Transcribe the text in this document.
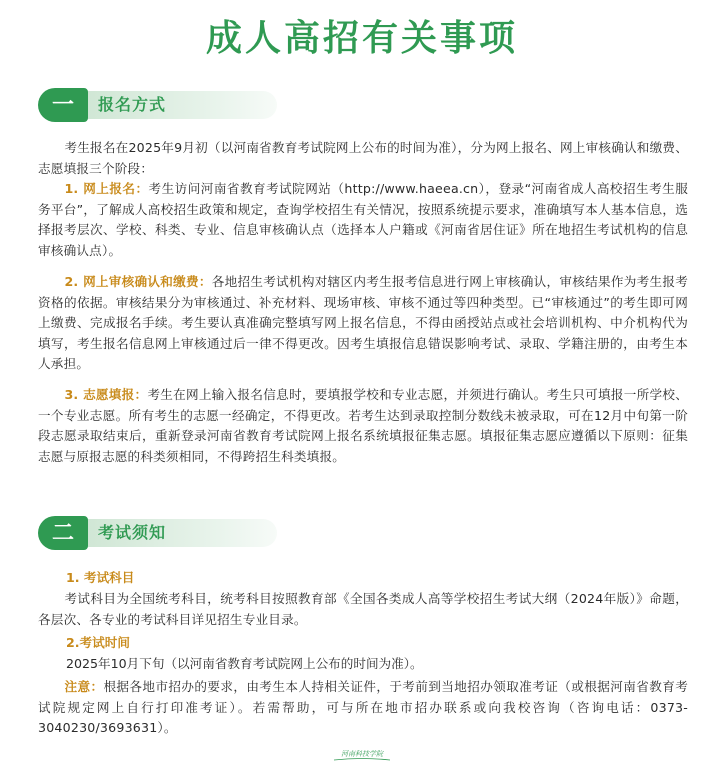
成人高招有关事项
一	报名方式
考生报名在2025年9月初（以河南省教育考试院网上公布的时间为准），分为网上报名、网上审核确认和缴费、志愿填报三个阶段：
1. 网上报名：考生访问河南省教育考试院网站（http://www.haeea.cn），登录“河南省成人高校招生考生服务平台”，了解成人高校招生政策和规定，查询学校招生有关情况，按照系统提示要求，准确填写本人基本信息，选择报考层次、学校、科类、专业、信息审核确认点（选择本人户籍或《河南省居住证》所在地招生考试机构的信息审核确认点）。
2. 网上审核确认和缴费：各地招生考试机构对辖区内考生报考信息进行网上审核确认，审核结果作为考生报考资格的依据。审核结果分为审核通过、补充材料、现场审核、审核不通过等四种类型。已“审核通过”的考生即可网上缴费、完成报名手续。考生要认真准确完整填写网上报名信息，不得由函授站点或社会培训机构、中介机构代为填写，考生报名信息网上审核通过后一律不得更改。因考生填报信息错误影响考试、录取、学籍注册的，由考生本人承担。
3. 志愿填报：考生在网上输入报名信息时，要填报学校和专业志愿，并须进行确认。考生只可填报一所学校、一个专业志愿。所有考生的志愿一经确定，不得更改。若考生达到录取控制分数线未被录取，可在12月中旬第一阶段志愿录取结束后，重新登录河南省教育考试院网上报名系统填报征集志愿。填报征集志愿应遵循以下原则：征集志愿与原报志愿的科类须相同，不得跨招生科类填报。
二	考试须知
1. 考试科目
考试科目为全国统考科目，统考科目按照教育部《全国各类成人高等学校招生考试大纲（2024年版）》命题，各层次、各专业的考试科目详见招生专业目录。
2.考试时间
2025年10月下旬（以河南省教育考试院网上公布的时间为准）。
注意：根据各地市招办的要求，由考生本人持相关证件，于考前到当地招办领取准考证（或根据河南省教育考试院规定网上自行打印准考证）。若需帮助，可与所在地市招办联系或向我校咨询（咨询电话：0373-3040230/3693631）。
河南科技学院
